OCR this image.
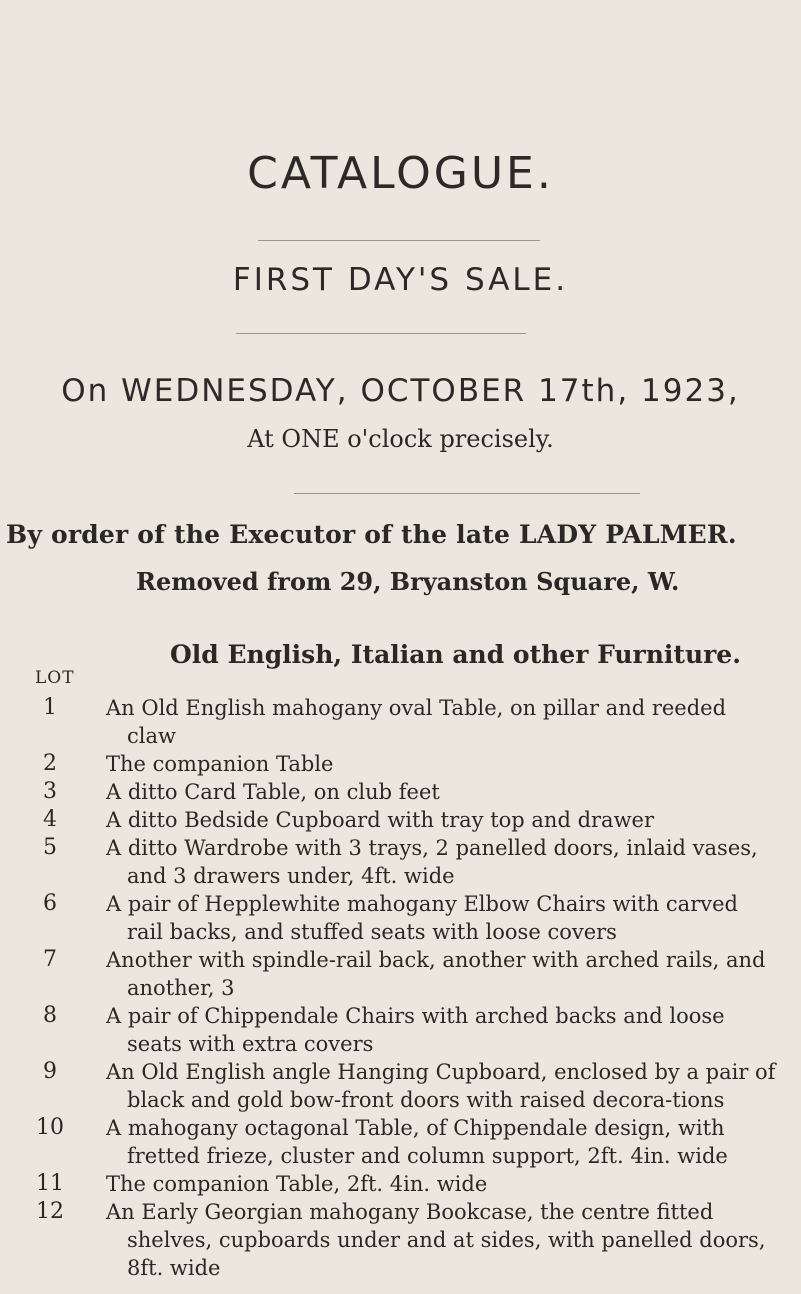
CATALOGUE.
FIRST DAY'S SALE.
On WEDNESDAY, OCTOBER 17th, 1923,
At ONE o'clock precisely.
By order of the Executor of the late LADY PALMER.
Removed from 29, Bryanston Square, W.
Old English, Italian and other Furniture.
LOT
1	An Old English mahogany oval Table, on pillar and reeded claw
2	The companion Table
3	A ditto Card Table, on club feet
4	A ditto Bedside Cupboard with tray top and drawer
5	A ditto Wardrobe with 3 trays, 2 panelled doors, inlaid vases, and 3 drawers under, 4ft. wide
6	A pair of Hepplewhite mahogany Elbow Chairs with carved rail backs, and stuffed seats with loose covers
7	Another with spindle-rail back, another with arched rails, and another, 3
8	A pair of Chippendale Chairs with arched backs and loose seats with extra covers
9	An Old English angle Hanging Cupboard, enclosed by a pair of black and gold bow-front doors with raised decora-tions
10 A mahogany octagonal Table, of Chippendale design, with fretted frieze, cluster and column support, 2ft. 4in. wide
11 The companion Table, 2ft. 4in. wide
12 An Early Georgian mahogany Bookcase, the centre fitted shelves, cupboards under and at sides, with panelled doors, 8ft. wide
